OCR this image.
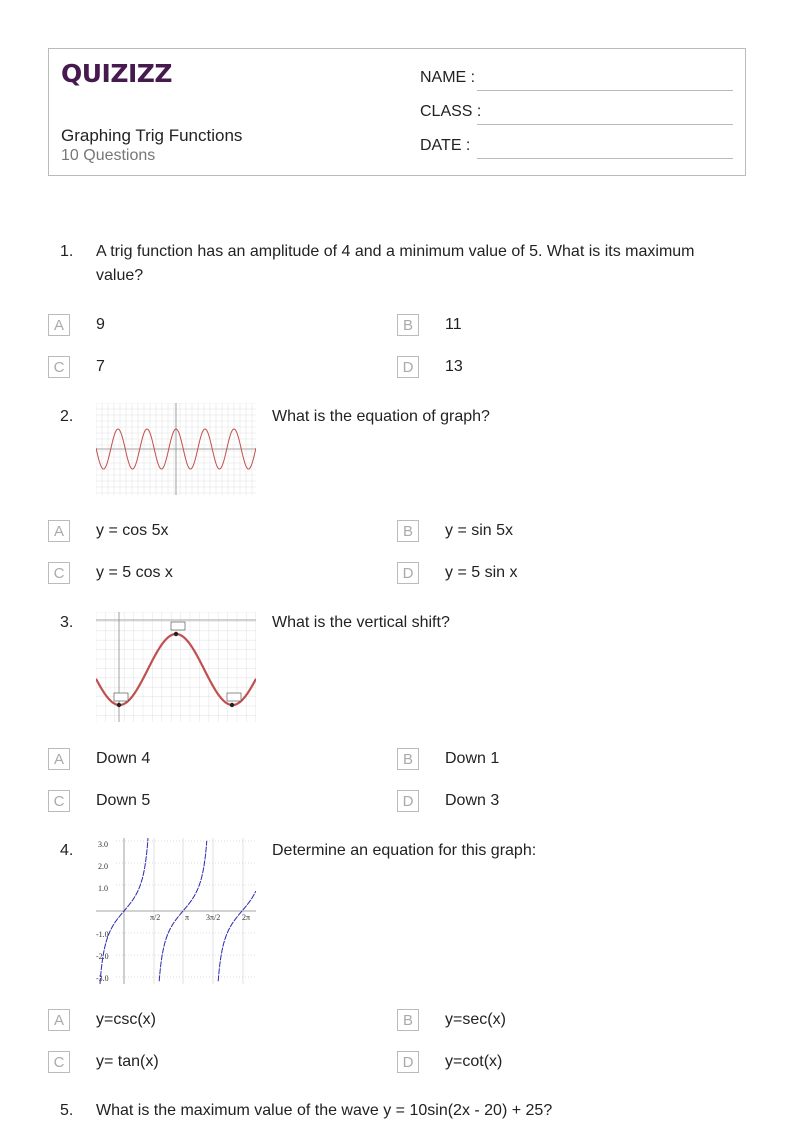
QUIZIZZ
Graphing Trig Functions
10 Questions
NAME :
CLASS :
DATE :
1. A trig function has an amplitude of 4 and a minimum value of 5. What is its maximum value?
A	9	B	11
C	7	D	13
2.	What is the equation of graph?
A	y = cos 5x	B	y = sin 5x
C	y = 5 cos x	D	y = 5 sin x
3.	What is the vertical shift?
A	Down 4	B	Down 1
C	Down 5	D	Down 3
4.	3.0
2.0
1.0
-1.0
-2.0
-3.0
π/2	π 3π/2	2π
Determine an equation for this graph:
A	y=csc(x)	B	y=sec(x)
C	y= tan(x)	D	y=cot(x)
5. What is the maximum value of the wave y = 10sin(2x - 20) + 25?
